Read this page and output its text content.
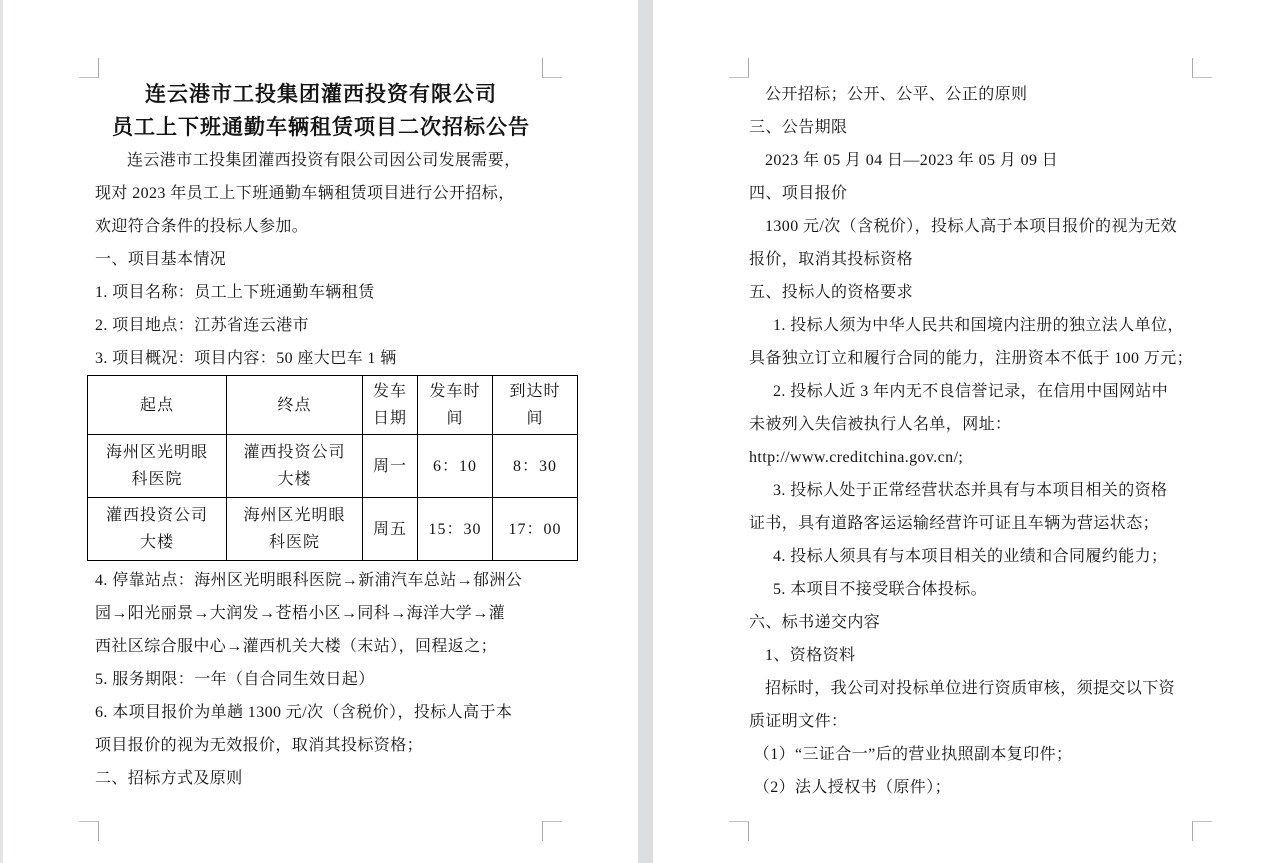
连云港市工投集团灌西投资有限公司
员工上下班通勤车辆租赁项目二次招标公告
连云港市工投集团灌西投资有限公司因公司发展需要，
现对 2023 年员工上下班通勤车辆租赁项目进行公开招标，
欢迎符合条件的投标人参加。
一、项目基本情况
1. 项目名称：员工上下班通勤车辆租赁
2. 项目地点：江苏省连云港市
3. 项目概况：项目内容：50 座大巴车 1 辆
起点	终点	发车日期	发车时间	到达时间
海州区光明眼科医院	灌西投资公司大楼	周一	6：10	8：30
灌西投资公司大楼	海州区光明眼科医院	周五	15：30	17：00
4. 停靠站点：海州区光明眼科医院→新浦汽车总站→郁洲公
园→阳光丽景→大润发→苍梧小区→同科→海洋大学→灌
西社区综合服中心→灌西机关大楼（末站），回程返之；
5. 服务期限：一年（自合同生效日起）
6. 本项目报价为单趟 1300 元/次（含税价），投标人高于本
项目报价的视为无效报价，取消其投标资格；
二、招标方式及原则
公开招标；公开、公平、公正的原则
三、公告期限
2023 年 05 月 04 日—2023 年 05 月 09 日
四、项目报价
1300 元/次（含税价），投标人高于本项目报价的视为无效
报价，取消其投标资格
五、投标人的资格要求
1. 投标人须为中华人民共和国境内注册的独立法人单位，
具备独立订立和履行合同的能力，注册资本不低于 100 万元；
2. 投标人近 3 年内无不良信誉记录，在信用中国网站中
未被列入失信被执行人名单，网址：
http://www.creditchina.gov.cn/;
3. 投标人处于正常经营状态并具有与本项目相关的资格
证书，具有道路客运运输经营许可证且车辆为营运状态；
4. 投标人须具有与本项目相关的业绩和合同履约能力；
5. 本项目不接受联合体投标。
六、标书递交内容
1、资格资料
招标时，我公司对投标单位进行资质审核，须提交以下资
质证明文件：
（1）“三证合一”后的营业执照副本复印件；
（2）法人授权书（原件）；
